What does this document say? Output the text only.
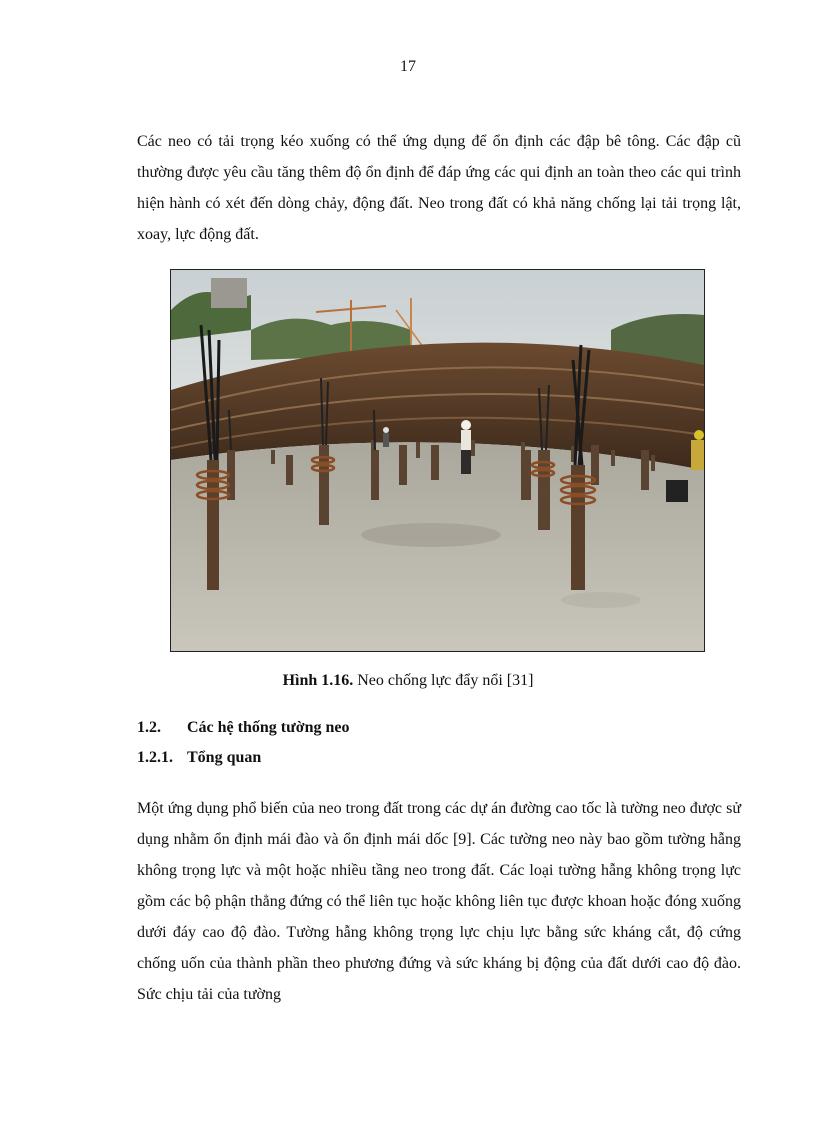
17

Các neo có tải trọng kéo xuống có thể ứng dụng để ổn định các đập bê tông. Các đập cũ thường được yêu cầu tăng thêm độ ổn định để đáp ứng các qui định an toàn theo các qui trình hiện hành có xét đến dòng chảy, động đất. Neo trong đất có khả năng chống lại tải trọng lật, xoay, lực động đất.

Hình 1.16. Neo chống lực đẩy nổi [31]
1.2. Các hệ thống tường neo
1.2.1. Tổng quan

Một ứng dụng phổ biến của neo trong đất trong các dự án đường cao tốc là tường neo được sử dụng nhằm ổn định mái đào và ổn định mái dốc [9]. Các tường neo này bao gồm tường hẫng không trọng lực và một hoặc nhiều tầng neo trong đất. Các loại tường hẫng không trọng lực gồm các bộ phận thẳng đứng có thể liên tục hoặc không liên tục được khoan hoặc đóng xuống dưới đáy cao độ đào. Tường hẫng không trọng lực chịu lực bằng sức kháng cắt, độ cứng chống uốn của thành phần theo phương đứng và sức kháng bị động của đất dưới cao độ đào. Sức chịu tải của tường
